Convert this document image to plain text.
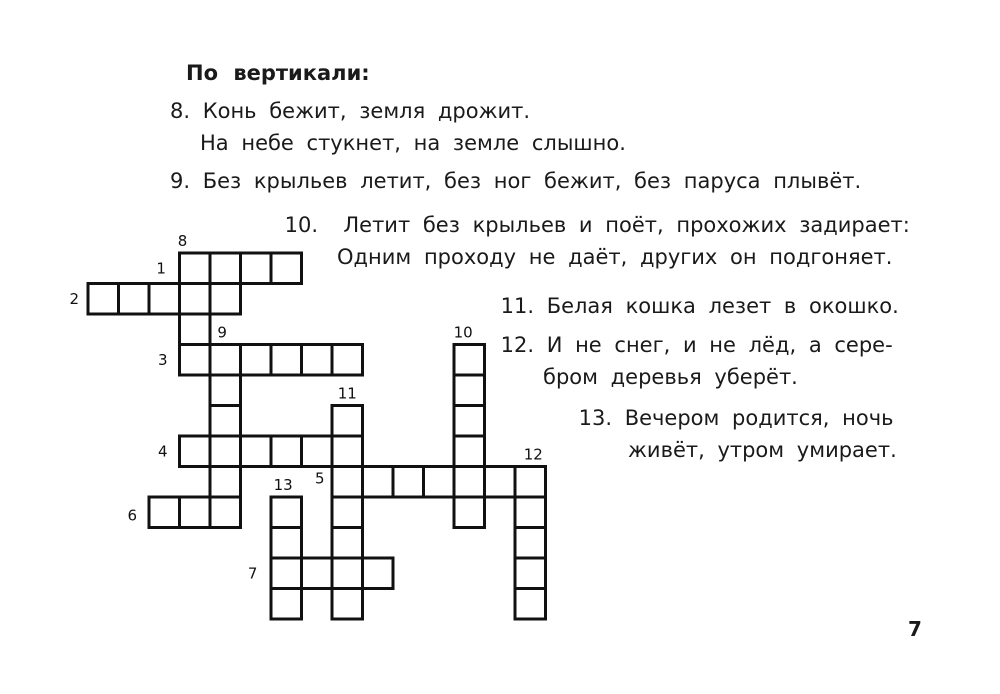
По вертикали:
8. Конь бежит, земля дрожит.
На небе стукнет, на земле слышно.
9. Без крыльев летит, без ног бежит, без паруса плывёт.
10. Летит без крыльев и поёт, прохожих задирает:
Одним проходу не даёт, других он подгоняет.
11. Белая кошка лезет в окошко.
12. И не снег, и не лёд, а сере-
бром деревья уберёт.
13. Вечером родится, ночь
живёт, утром умирает.
1
2
3
4
5
6
7
8
9	10
11
12
13
7
